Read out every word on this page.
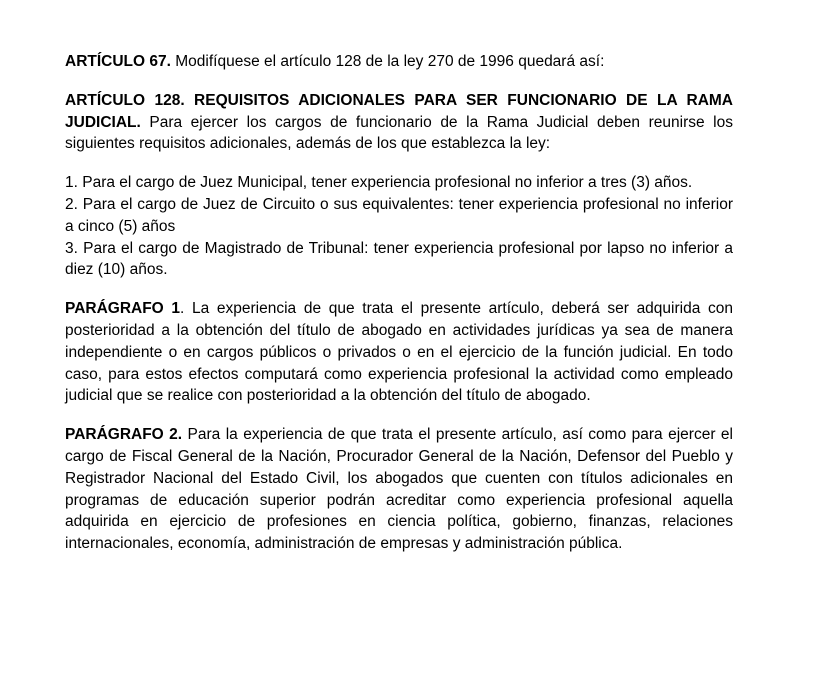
ARTÍCULO 67. Modifíquese el artículo 128 de la ley 270 de 1996 quedará así:

ARTÍCULO 128. REQUISITOS ADICIONALES PARA SER FUNCIONARIO DE LA RAMA JUDICIAL. Para ejercer los cargos de funcionario de la Rama Judicial deben reunirse los siguientes requisitos adicionales, además de los que establezca la ley:

1. Para el cargo de Juez Municipal, tener experiencia profesional no inferior a tres (3) años.

2. Para el cargo de Juez de Circuito o sus equivalentes: tener experiencia profesional no inferior a cinco (5) años

3. Para el cargo de Magistrado de Tribunal: tener experiencia profesional por lapso no inferior a diez (10) años.

PARÁGRAFO 1. La experiencia de que trata el presente artículo, deberá ser adquirida con posterioridad a la obtención del título de abogado en actividades jurídicas ya sea de manera independiente o en cargos públicos o privados o en el ejercicio de la función judicial. En todo caso, para estos efectos computará como experiencia profesional la actividad como empleado judicial que se realice con posterioridad a la obtención del título de abogado.

PARÁGRAFO 2. Para la experiencia de que trata el presente artículo, así como para ejercer el cargo de Fiscal General de la Nación, Procurador General de la Nación, Defensor del Pueblo y Registrador Nacional del Estado Civil, los abogados que cuenten con títulos adicionales en programas de educación superior podrán acreditar como experiencia profesional aquella adquirida en ejercicio de profesiones en ciencia política, gobierno, finanzas, relaciones internacionales, economía, administración de empresas y administración pública.
